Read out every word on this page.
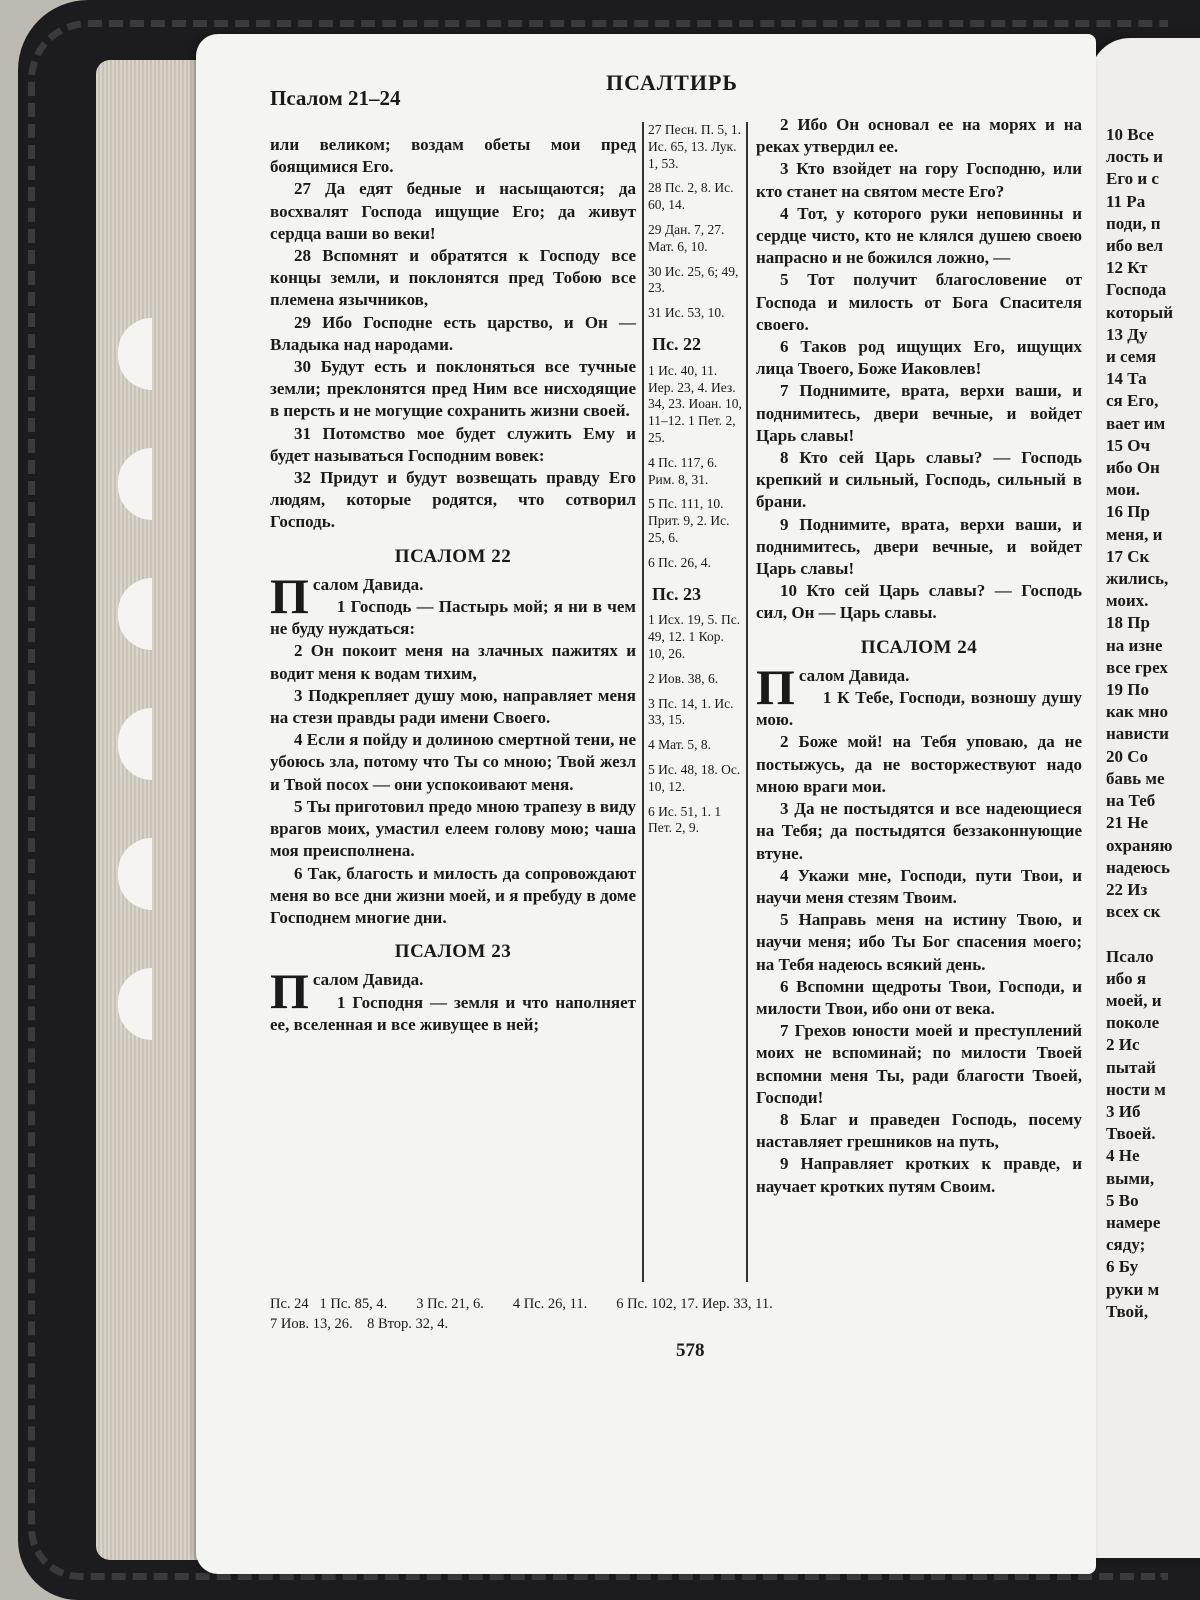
10 Все
лость и
Его и с
11 Ра
поди, п
ибо вел
12 Кт
Господа
который
13 Ду
и семя
14 Та
ся Его,
вает им
15 Оч
ибо Он
мои.
16 Пр
меня, и
17 Ск
жились,
моих.
18 Пр
на изне
все грех
19 По
как мно
нависти
20 Со
бавь ме
на Теб
21 Не
охраняю
надеюсь
22 Из
всех ск

Псало
ибо я
моей, и
поколе
2 Ис
пытай
ности м
3 Иб
Твоей.
4 Не
выми,
5 Во
намере
сяду;
6 Бу
руки м
Твой,
Псалом 21–24
ПСАЛТИРЬ

или великом; воздам обеты мои пред боящимися Его.

27 Да едят бедные и насыщаются; да восхвалят Господа ищущие Его; да живут сердца ваши во веки!

28 Вспомнят и обратятся к Господу все концы земли, и поклонятся пред Тобою все племена язычников,

29 Ибо Господне есть царство, и Он — Владыка над народами.

30 Будут есть и поклоняться все тучные земли; преклонятся пред Ним все нисходящие в персть и не могущие сохранить жизни своей.

31 Потомство мое будет служить Ему и будет называться Господним вовек:

32 Придут и будут возвещать правду Его людям, которые родятся, что сотворил Господь.

ПСАЛОМ 22

Псалом Давида.
1 Господь — Пастырь мой; я ни в чем не буду нуждаться:

2 Он покоит меня на злачных пажитях и водит меня к водам тихим,

3 Подкрепляет душу мою, направляет меня на стези правды ради имени Своего.

4 Если я пойду и долиною смертной тени, не убоюсь зла, потому что Ты со мною; Твой жезл и Твой посох — они успокоивают меня.

5 Ты приготовил предо мною трапезу в виду врагов моих, умастил елеем голову мою; чаша моя преисполнена.

6 Так, благость и милость да сопровождают меня во все дни жизни моей, и я пребуду в доме Господнем многие дни.

ПСАЛОМ 23

Псалом Давида.
1 Господня — земля и что наполняет ее, вселенная и все живущее в ней;

27 Песн. П. 5, 1. Ис. 65, 13. Лук. 1, 53.
28 Пс. 2, 8. Ис. 60, 14.
29 Дан. 7, 27. Мат. 6, 10.
30 Ис. 25, 6; 49, 23.
31 Ис. 53, 10.
Пс. 22
1 Ис. 40, 11. Иер. 23, 4. Иез. 34, 23. Иоан. 10, 11–12. 1 Пет. 2, 25.
4 Пс. 117, 6. Рим. 8, 31.
5 Пс. 111, 10. Прит. 9, 2. Ис. 25, 6.
6 Пс. 26, 4.
Пс. 23
1 Исх. 19, 5. Пс. 49, 12. 1 Кор. 10, 26.
2 Иов. 38, 6.
3 Пс. 14, 1. Ис. 33, 15.
4 Мат. 5, 8.
5 Ис. 48, 18. Ос. 10, 12.
6 Ис. 51, 1. 1 Пет. 2, 9.

2 Ибо Он основал ее на морях и на реках утвердил ее.

3 Кто взойдет на гору Господню, или кто станет на святом месте Его?

4 Тот, у которого руки неповинны и сердце чисто, кто не клялся душею своею напрасно и не божился ложно, —

5 Тот получит благословение от Господа и милость от Бога Спасителя своего.

6 Таков род ищущих Его, ищущих лица Твоего, Боже Иаковлев!

7 Поднимите, врата, верхи ваши, и поднимитесь, двери вечные, и войдет Царь славы!

8 Кто сей Царь славы? — Господь крепкий и сильный, Господь, сильный в брани.

9 Поднимите, врата, верхи ваши, и поднимитесь, двери вечные, и войдет Царь славы!

10 Кто сей Царь славы? — Господь сил, Он — Царь славы.

ПСАЛОМ 24

Псалом Давида.
1 К Тебе, Господи, возношу душу мою.

2 Боже мой! на Тебя уповаю, да не постыжусь, да не восторжествуют надо мною враги мои.

3 Да не постыдятся и все надеющиеся на Тебя; да постыдятся беззаконнующие втуне.

4 Укажи мне, Господи, пути Твои, и научи меня стезям Твоим.

5 Направь меня на истину Твою, и научи меня; ибо Ты Бог спасения моего; на Тебя надеюсь всякий день.

6 Вспомни щедроты Твои, Господи, и милости Твои, ибо они от века.

7 Грехов юности моей и преступлений моих не вспоминай; по милости Твоей вспомни меня Ты, ради благости Твоей, Господи!

8 Благ и праведен Господь, посему наставляет грешников на путь,

9 Направляет кротких к правде, и научает кротких путям Своим.

Пс. 24   1 Пс. 85, 4.        3 Пс. 21, 6.        4 Пс. 26, 11.        6 Пс. 102, 17. Иер. 33, 11.
7 Иов. 13, 26.    8 Втор. 32, 4.
578
